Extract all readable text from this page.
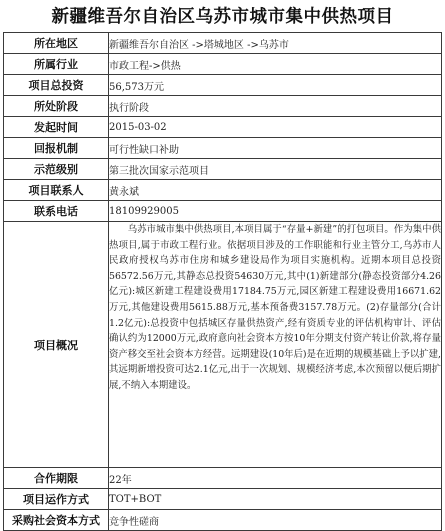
新疆维吾尔自治区乌苏市城市集中供热项目
所在地区	新疆维吾尔自治区 ->塔城地区 ->乌苏市
所属行业	市政工程->供热
项目总投资	56,573万元
所处阶段	执行阶段
发起时间	2015-03-02
回报机制	可行性缺口补助
示范级别	第三批次国家示范项目
项目联系人	黄永斌
联系电话	18109929005
项目概况	乌苏市城市集中供热项目,本项目属于“存量+新建”的打包项目。作为集中供热项目,属于市政工程行业。依据项目涉及的工作职能和行业主管分工,乌苏市人民政府授权乌苏市住房和城乡建设局作为项目实施机构。近期本项目总投资56572.56万元,其静态总投资54630万元,其中(1)新建部分(静态投资部分4.26亿元):城区新建工程建设费用17184.75万元,园区新建工程建设费用16671.62万元,其他建设费用5615.88万元,基本预备费3157.78万元。(2)存量部分(合计1.2亿元):总投资中包括城区存量供热资产,经有资质专业的评估机构审计、评估确认约为12000万元,政府意向社会资本方按10年分期支付资产转让价款,将存量资产移交至社会资本方经营。远期建设(10年后)是在近期的规模基础上予以扩建,其远期新增投资可达2.1亿元,出于一次规划、规模经济考虑,本次预留以便后期扩展,不纳入本期建设。

合作期限	22年
项目运作方式	TOT+BOT
采购社会资本方式	竞争性磋商
